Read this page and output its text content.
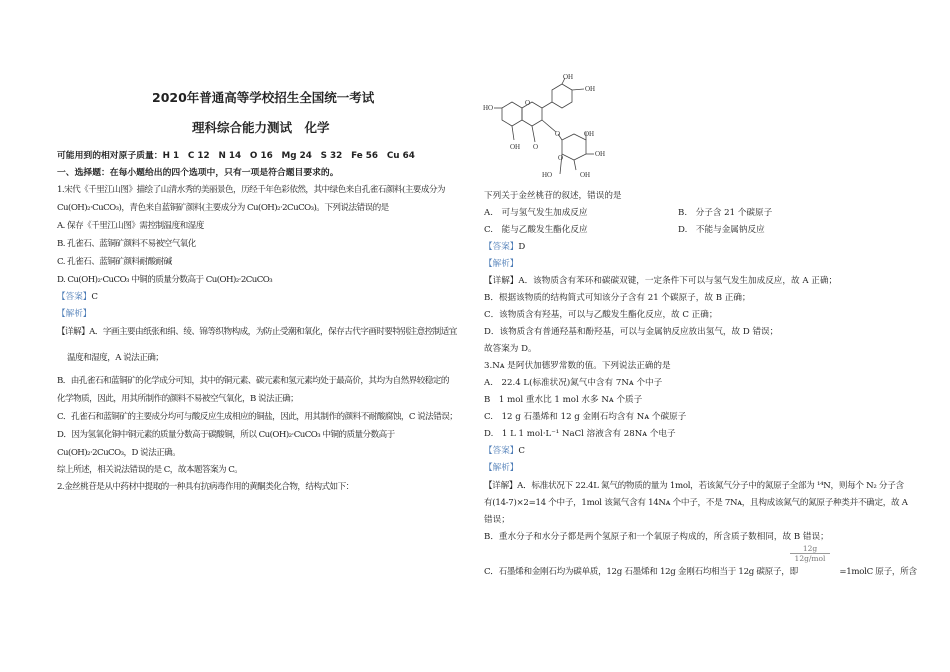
2020年普通高等学校招生全国统一考试
理科综合能力测试　化学
可能用到的相对原子质量：H 1　C 12　N 14　O 16　Mg 24　S 32　Fe 56　Cu 64
一、选择题：在每小题给出的四个选项中，只有一项是符合题目要求的。
1.宋代《千里江山图》描绘了山清水秀的美丽景色，历经千年色彩依然，其中绿色来自孔雀石颜料(主要成分为
Cu(OH)₂·CuCO₃)，青色来自蓝铜矿颜料(主要成分为 Cu(OH)₂·2CuCO₃)。下列说法错误的是
A. 保存《千里江山图》需控制温度和湿度
B. 孔雀石、蓝铜矿颜料不易被空气氧化
C. 孔雀石、蓝铜矿颜料耐酸耐碱
D. Cu(OH)₂·CuCO₃ 中铜的质量分数高于 Cu(OH)₂·2CuCO₃
【答案】C
【解析】
【详解】A．字画主要由纸张和绢、绫、锦等织物构成，为防止受潮和氧化，保存古代字画时要特别注意控制适宜
温度和湿度，A 说法正确；
B．由孔雀石和蓝铜矿的化学成分可知，其中的铜元素、碳元素和氢元素均处于最高价，其均为自然界较稳定的
化学物质，因此，用其所制作的颜料不易被空气氧化，B 说法正确；
C．孔雀石和蓝铜矿的主要成分均可与酸反应生成相应的铜盐，因此，用其制作的颜料不耐酸腐蚀，C 说法错误；
D．因为氢氧化铜中铜元素的质量分数高于碳酸铜，所以 Cu(OH)₂·CuCO₃ 中铜的质量分数高于
Cu(OH)₂·2CuCO₃，D 说法正确。
综上所述，相关说法错误的是 C，故本题答案为 C。
2.金丝桃苷是从中药材中提取的一种具有抗病毒作用的黄酮类化合物，结构式如下：
OH
OH
HO
O
OH O
O	OH
O	OH
HO	OH
下列关于金丝桃苷的叙述，错误的是
A.　可与氢气发生加成反应	B.　分子含 21 个碳原子
C.　能与乙酸发生酯化反应	D.　不能与金属钠反应
【答案】D
【解析】
【详解】A．该物质含有苯环和碳碳双键，一定条件下可以与氢气发生加成反应，故 A 正确；
B．根据该物质的结构简式可知该分子含有 21 个碳原子，故 B 正确；
C．该物质含有羟基，可以与乙酸发生酯化反应，故 C 正确；
D．该物质含有普通羟基和酚羟基，可以与金属钠反应放出氢气，故 D 错误；
故答案为 D。
3.Nᴀ 是阿伏加德罗常数的值。下列说法正确的是
A.　22.4 L(标准状况)氮气中含有 7Nᴀ 个中子
B　1 mol 重水比 1 mol 水多 Nᴀ 个质子
C.　12 g 石墨烯和 12 g 金刚石均含有 Nᴀ 个碳原子
D.　1 L 1 mol·L⁻¹ NaCl 溶液含有 28Nᴀ 个电子
【答案】C
【解析】
【详解】A．标准状况下 22.4L 氮气的物质的量为 1mol，若该氮气分子中的氮原子全部为 ¹⁴N，则每个 N₂ 分子含
有(14-7)×2=14 个中子，1mol 该氮气含有 14Nᴀ 个中子，不是 7Nᴀ，且构成该氮气的氮原子种类并不确定，故 A
错误；
B．重水分子和水分子都是两个氢原子和一个氧原子构成的，所含质子数相同，故 B 错误；
12g
12g/mol
C．石墨烯和金刚石均为碳单质，12g 石墨烯和 12g 金刚石均相当于 12g 碳原子，即　　　　　=1molC 原子，所含
